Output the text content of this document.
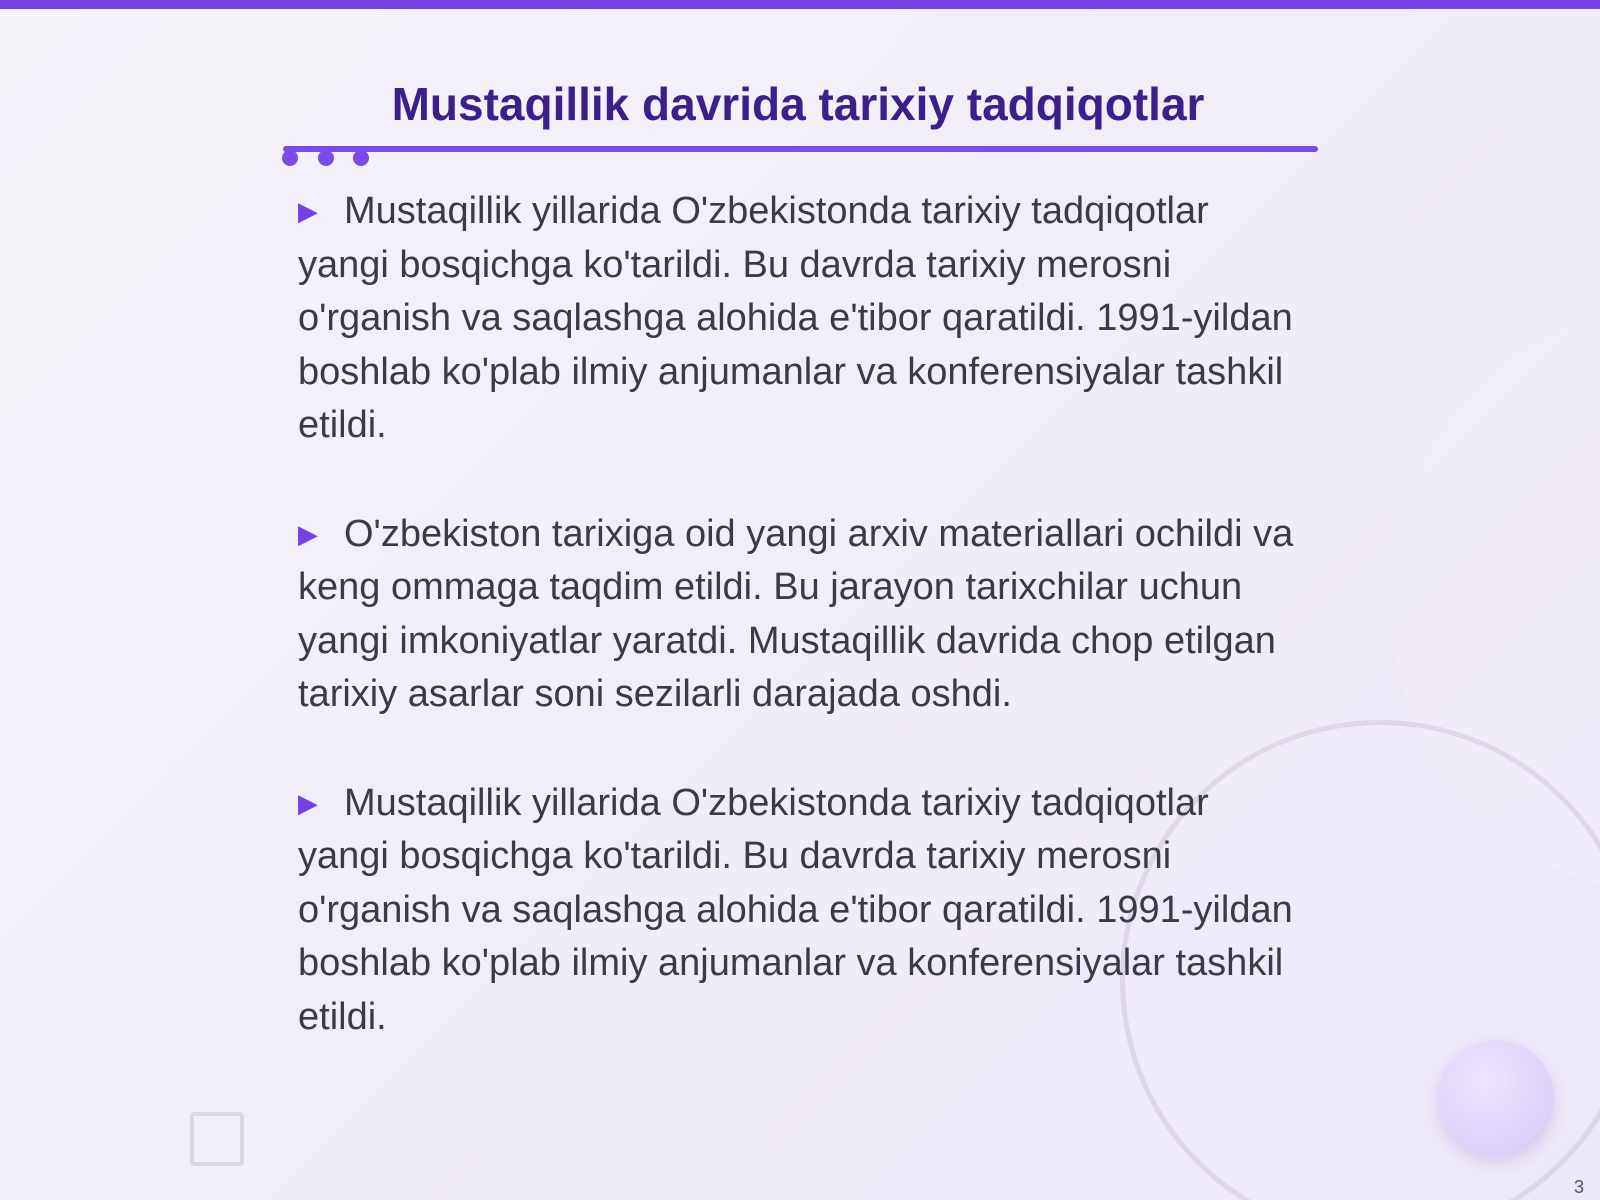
Mustaqillik davrida tarixiy tadqiqotlar

▶ Mustaqillik yillarida O'zbekistonda tarixiy tadqiqotlar yangi bosqichga ko'tarildi. Bu davrda tarixiy merosni o'rganish va saqlashga alohida e'tibor qaratildi. 1991-yildan boshlab ko'plab ilmiy anjumanlar va konferensiyalar tashkil etildi.

▶ O'zbekiston tarixiga oid yangi arxiv materiallari ochildi va keng ommaga taqdim etildi. Bu jarayon tarixchilar uchun yangi imkoniyatlar yaratdi. Mustaqillik davrida chop etilgan tarixiy asarlar soni sezilarli darajada oshdi.

▶ Mustaqillik yillarida O'zbekistonda tarixiy tadqiqotlar yangi bosqichga ko'tarildi. Bu davrda tarixiy merosni o'rganish va saqlashga alohida e'tibor qaratildi. 1991-yildan boshlab ko'plab ilmiy anjumanlar va konferensiyalar tashkil etildi.

3
